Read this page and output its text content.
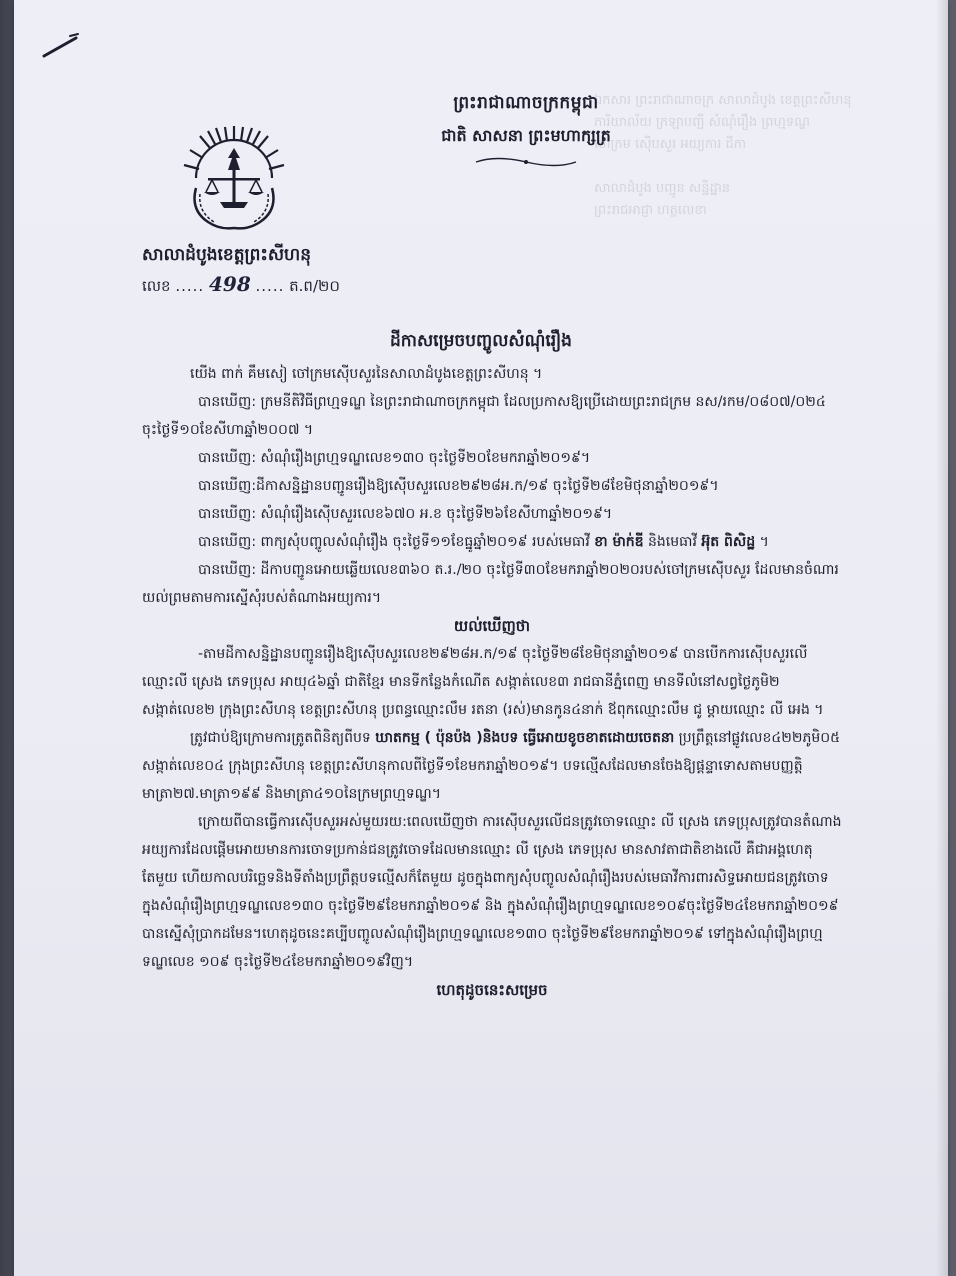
ឯកសារ ព្រះរាជាណាចក្រ សាលាដំបូង ខេត្តព្រះសីហនុ
ការិយាល័យ ក្រឡាបញ្ជី សំណុំរឿង ព្រហ្មទណ្ឌ
ចៅក្រម ស៊ើបសួរ អយ្យការ ដីកា

សាលាដំបូង បញ្ជូន សន្និដ្ឋាន
ព្រះរាជអាជ្ញា ហត្ថលេខា
ព្រះរាជាណាចក្រកម្ពុជា
ជាតិ សាសនា ព្រះមហាក្សត្រ
សាលាដំបូងខេត្តព្រះសីហនុ
លេខ ..... 498 ..... ត.ព/២០
ដីកាសម្រេចបញ្ចូលសំណុំរឿង
យើង ពាក់ គឹមសៀ ចៅក្រមស៊ើបសួរនៃសាលាដំបូងខេត្តព្រះសីហនុ ។
បានឃើញ: ក្រមនីតិវិធីព្រហ្មទណ្ឌ នៃព្រះរាជាណាចក្រកម្ពុជា ដែលប្រកាសឱ្យប្រើដោយព្រះរាជក្រម នស/រកម/០៨០៧/០២៤ ចុះថ្ងៃទី១០ខែសីហាឆ្នាំ២០០៧ ។
បានឃើញ: សំណុំរឿងព្រហ្មទណ្ឌលេខ១៣០ ចុះថ្ងៃទី២០ខែមករាឆ្នាំ២០១៩។
បានឃើញ:ដីកាសន្និដ្ឋានបញ្ជូនរឿងឱ្យស៊ើបសួរលេខ២៩២៨អ.ក/១៩ ចុះថ្ងៃទី២៨ខែមិថុនាឆ្នាំ២០១៩។
បានឃើញ: សំណុំរឿងស៊ើបសួរលេខ៦៧០ អ.ខ ចុះថ្ងៃទី២៦ខែសីហាឆ្នាំ២០១៩។
បានឃើញ: ពាក្យសុំបញ្ចូលសំណុំរឿង ចុះថ្ងៃទី១១ខែធ្នូឆ្នាំ២០១៩ របស់មេធាវី ខា ម៉ាក់ឌី និងមេធាវី អ៊ុត ពិសិដ្ឋ ។
បានឃើញ: ដីកាបញ្ជូនអោយឆ្លើយលេខ៣៦០ ត.រ./២០ ចុះថ្ងៃទី៣០ខែមករាឆ្នាំ២០២០របស់ចៅក្រមស៊ើបសួរ ដែលមានចំណារ យល់ព្រមតាមការស្នើសុំរបស់តំណាងអយ្យការ។
យល់ឃើញថា
-តាមដីកាសន្និដ្ឋានបញ្ជូនរឿងឱ្យស៊ើបសួរលេខ២៩២៨អ.ក/១៩ ចុះថ្ងៃទី២៨ខែមិថុនាឆ្នាំ២០១៩ បានបើកការស៊ើបសួរលើ ឈ្មោះលី ស្រេង ភេទប្រុស អាយុ៤៦ឆ្នាំ ជាតិខ្មែរ មានទីកន្លែងកំណើត សង្កាត់លេខ៣ រាជធានីភ្នំពេញ មានទីលំនៅសព្វថ្ងៃភូមិ២ សង្កាត់លេខ២ ក្រុងព្រះសីហនុ ខេត្តព្រះសីហនុ ប្រពន្ធឈ្មោះលឹម រតនា (រស់)មានកូន៤នាក់ ឪពុកឈ្មោះលឹម ជូ ម្តាយឈ្មោះ លី អេង ។
ត្រូវជាប់ឱ្យក្រោមការត្រូតពិនិត្យពីបទ ឃាតកម្ម ( ប៉ុនប៉ង )និងបទ ធ្វើអោយខូចខាតដោយចេតនា ប្រព្រឹត្តនៅផ្លូវលេខ៤២២ភូមិ០៥ សង្កាត់លេខ០៤ ក្រុងព្រះសីហនុ ខេត្តព្រះសីហនុកាលពីថ្ងៃទី១ខែមករាឆ្នាំ២០១៩។ បទល្មើសដែលមានចែងឱ្យផ្តន្ទាទោសតាមបញ្ញត្តិមាត្រា២៧.មាត្រា១៩៩ និងមាត្រា៤១០នៃក្រមព្រហ្មទណ្ឌ។
ក្រោយពីបានធ្វើការស៊ើបសួរអស់មួយរយ:ពេលឃើញថា ការស៊ើបសួរលើជនត្រូវចោទឈ្មោះ លី ស្រេង ភេទប្រុសត្រូវបានតំណាងអយ្យការដែលផ្តើមអោយមានការចោទប្រកាន់ជនត្រូវចោទដែលមានឈ្មោះ លី ស្រេង ភេទប្រុស មានសាវតាជាតិខាងលើ គឺជាអង្គហេតុតែមួយ ហើយកាលបរិច្ឆេទនិងទីតាំងប្រព្រឹត្តបទល្មើសក៏តែមួយ ដូចក្នុងពាក្យសុំបញ្ចូលសំណុំរឿងរបស់មេធាវីការពារសិទ្ធអោយជនត្រូវចោទ ក្នុងសំណុំរឿងព្រហ្មទណ្ឌលេខ១៣០ ចុះថ្ងៃទី២៩ខែមករាឆ្នាំ២០១៩ និង ក្នុងសំណុំរឿងព្រហ្មទណ្ឌលេខ១០៩ចុះថ្ងៃទី២៤ខែមករាឆ្នាំ២០១៩ បានស្នើសុំប្រាកដមែន។ហេតុដូចនេះគប្បីបញ្ចូលសំណុំរឿងព្រហ្មទណ្ឌលេខ១៣០ ចុះថ្ងៃទី២៩ខែមករាឆ្នាំ២០១៩ ទៅក្នុងសំណុំរឿងព្រហ្មទណ្ឌលេខ ១០៩ ចុះថ្ងៃទី២៤ខែមករាឆ្នាំ២០១៩វិញ។
ហេតុដូចនេះសម្រេច
